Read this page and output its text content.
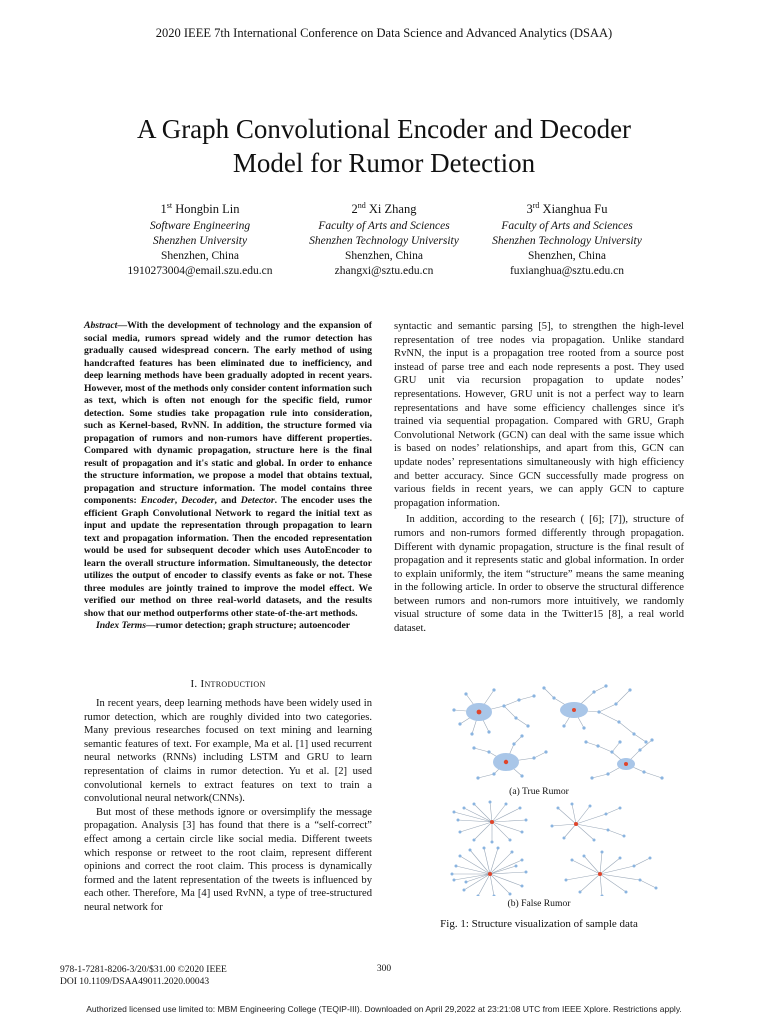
2020 IEEE 7th International Conference on Data Science and Advanced Analytics (DSAA)
A Graph Convolutional Encoder and Decoder
Model for Rumor Detection
1st Hongbin Lin
Software Engineering
Shenzhen University
Shenzhen, China
1910273004@email.szu.edu.cn
2nd Xi Zhang
Faculty of Arts and Sciences
Shenzhen Technology University
Shenzhen, China
zhangxi@sztu.edu.cn
3rd Xianghua Fu
Faculty of Arts and Sciences
Shenzhen Technology University
Shenzhen, China
fuxianghua@sztu.edu.cn
Abstract—With the development of technology and the expansion of social media, rumors spread widely and the rumor detection has gradually caused widespread concern. The early method of using handcrafted features has been eliminated due to inefficiency, and deep learning methods have been gradually adopted in recent years. However, most of the methods only consider content information such as text, which is often not enough for the specific field, rumor detection. Some studies take propagation rule into consideration, such as Kernel-based, RvNN. In addition, the structure formed via propagation of rumors and non-rumors have different properties. Compared with dynamic propagation, structure here is the final result of propagation and it's static and global. In order to enhance the structure information, we propose a model that obtains textual, propagation and structure information. The model contains three components: Encoder, Decoder, and Detector. The encoder uses the efficient Graph Convolutional Network to regard the initial text as input and update the representation through propagation to learn text and propagation information. Then the encoded representation would be used for subsequent decoder which uses AutoEncoder to learn the overall structure information. Simultaneously, the detector utilizes the output of encoder to classify events as fake or not. These three modules are jointly trained to improve the model effect. We verified our method on three real-world datasets, and the results show that our method outperforms other state-of-the-art methods.
Index Terms—rumor detection; graph structure; autoencoder
I. Introduction

In recent years, deep learning methods have been widely used in rumor detection, which are roughly divided into two categories. Many previous researches focused on text mining and learning semantic features of text. For example, Ma et al. [1] used recurrent neural networks (RNNs) including LSTM and GRU to learn representation of claims in rumor detection. Yu et al. [2] used convolutional kernels to extract features on text to train a convolutional neural network(CNNs).

But most of these methods ignore or oversimplify the message propagation. Analysis [3] has found that there is a “self-correct” effect among a certain circle like social media. Different tweets which response or retweet to the root claim, represent different opinions and correct the root claim. This process is dynamically formed and the latent representation of the tweets is influenced by each other. Therefore, Ma [4] used RvNN, a type of tree-structured neural network for

syntactic and semantic parsing [5], to strengthen the high-level representation of tree nodes via propagation. Unlike standard RvNN, the input is a propagation tree rooted from a source post instead of parse tree and each node represents a post. They used GRU unit via recursion propagation to update nodes’ representations. However, GRU unit is not a perfect way to learn representations and have some efficiency challenges since it's trained via sequential propagation. Compared with GRU, Graph Convolutional Network (GCN) can deal with the same issue which is based on nodes’ relationships, and apart from this, GCN can update nodes’ representations simultaneously with high efficiency and better accuracy. Since GCN successfully made progress on various fields in recent years, we can apply GCN to capture propagation information.

In addition, according to the research ( [6]; [7]), structure of rumors and non-rumors formed differently through propagation. Different with dynamic propagation, structure is the final result of propagation and it represents static and global information. In order to explain uniformly, the item “structure” means the same meaning in the following article. In order to observe the structural difference between rumors and non-rumors more intuitively, we randomly visual structure of some data in the Twitter15 [8], a real world dataset.

(a) True Rumor
(b) False Rumor
Fig. 1: Structure visualization of sample data
978-1-7281-8206-3/20/$31.00 ©2020 IEEE
DOI 10.1109/DSAA49011.2020.00043
300
Authorized licensed use limited to: MBM Engineering College (TEQIP-III). Downloaded on April 29,2022 at 23:21:08 UTC from IEEE Xplore. Restrictions apply.
